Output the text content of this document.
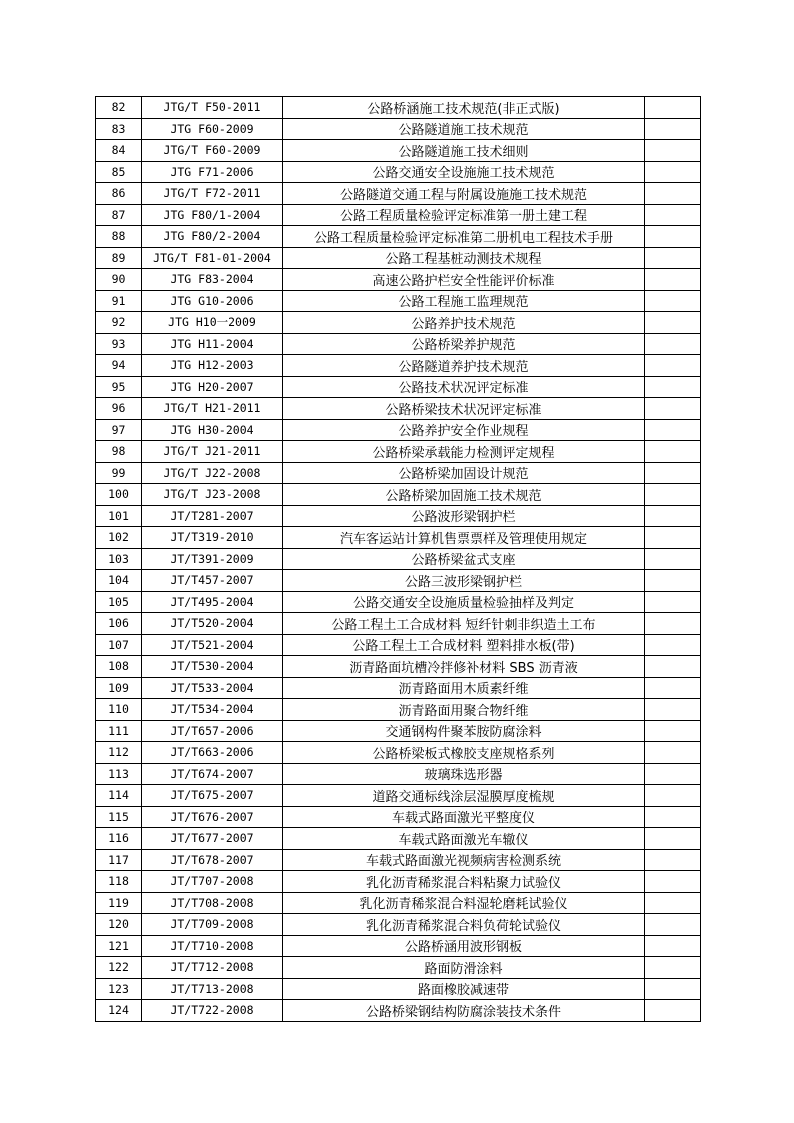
82	JTG/T F50-2011	公路桥涵施工技术规范(非正式版)	
83	JTG F60-2009	公路隧道施工技术规范	
84	JTG/T F60-2009	公路隧道施工技术细则	
85	JTG F71-2006	公路交通安全设施施工技术规范	
86	JTG/T F72-2011	公路隧道交通工程与附属设施施工技术规范	
87	JTG F80/1-2004	公路工程质量检验评定标准第一册土建工程	
88	JTG F80/2-2004	公路工程质量检验评定标准第二册机电工程技术手册	
89	JTG/T F81-01-2004	公路工程基桩动测技术规程	
90	JTG F83-2004	高速公路护栏安全性能评价标准	
91	JTG G10-2006	公路工程施工监理规范	
92	JTG H10一2009	公路养护技术规范	
93	JTG H11-2004	公路桥梁养护规范	
94	JTG H12-2003	公路隧道养护技术规范	
95	JTG H20-2007	公路技术状况评定标准	
96	JTG/T H21-2011	公路桥梁技术状况评定标准	
97	JTG H30-2004	公路养护安全作业规程	
98	JTG/T J21-2011	公路桥梁承载能力检测评定规程	
99	JTG/T J22-2008	公路桥梁加固设计规范	
100	JTG/T J23-2008	公路桥梁加固施工技术规范	
101	JT/T281-2007	公路波形梁钢护栏	
102	JT/T319-2010	汽车客运站计算机售票票样及管理使用规定	
103	JT/T391-2009	公路桥梁盆式支座	
104	JT/T457-2007	公路三波形梁钢护栏	
105	JT/T495-2004	公路交通安全设施质量检验抽样及判定	
106	JT/T520-2004	公路工程土工合成材料 短纤针刺非织造土工布	
107	JT/T521-2004	公路工程土工合成材料 塑料排水板(带)	
108	JT/T530-2004	沥青路面坑槽冷拌修补材料 SBS 沥青液	
109	JT/T533-2004	沥青路面用木质素纤维	
110	JT/T534-2004	沥青路面用聚合物纤维	
111	JT/T657-2006	交通钢构件聚苯胺防腐涂料	
112	JT/T663-2006	公路桥梁板式橡胶支座规格系列	
113	JT/T674-2007	玻璃珠选形器	
114	JT/T675-2007	道路交通标线涂层湿膜厚度梳规	
115	JT/T676-2007	车载式路面激光平整度仪	
116	JT/T677-2007	车载式路面激光车辙仪	
117	JT/T678-2007	车载式路面激光视频病害检测系统	
118	JT/T707-2008	乳化沥青稀浆混合料粘聚力试验仪	
119	JT/T708-2008	乳化沥青稀浆混合料湿轮磨耗试验仪	
120	JT/T709-2008	乳化沥青稀浆混合料负荷轮试验仪	
121	JT/T710-2008	公路桥涵用波形钢板	
122	JT/T712-2008	路面防滑涂料	
123	JT/T713-2008	路面橡胶减速带	
124	JT/T722-2008	公路桥梁钢结构防腐涂装技术条件	
